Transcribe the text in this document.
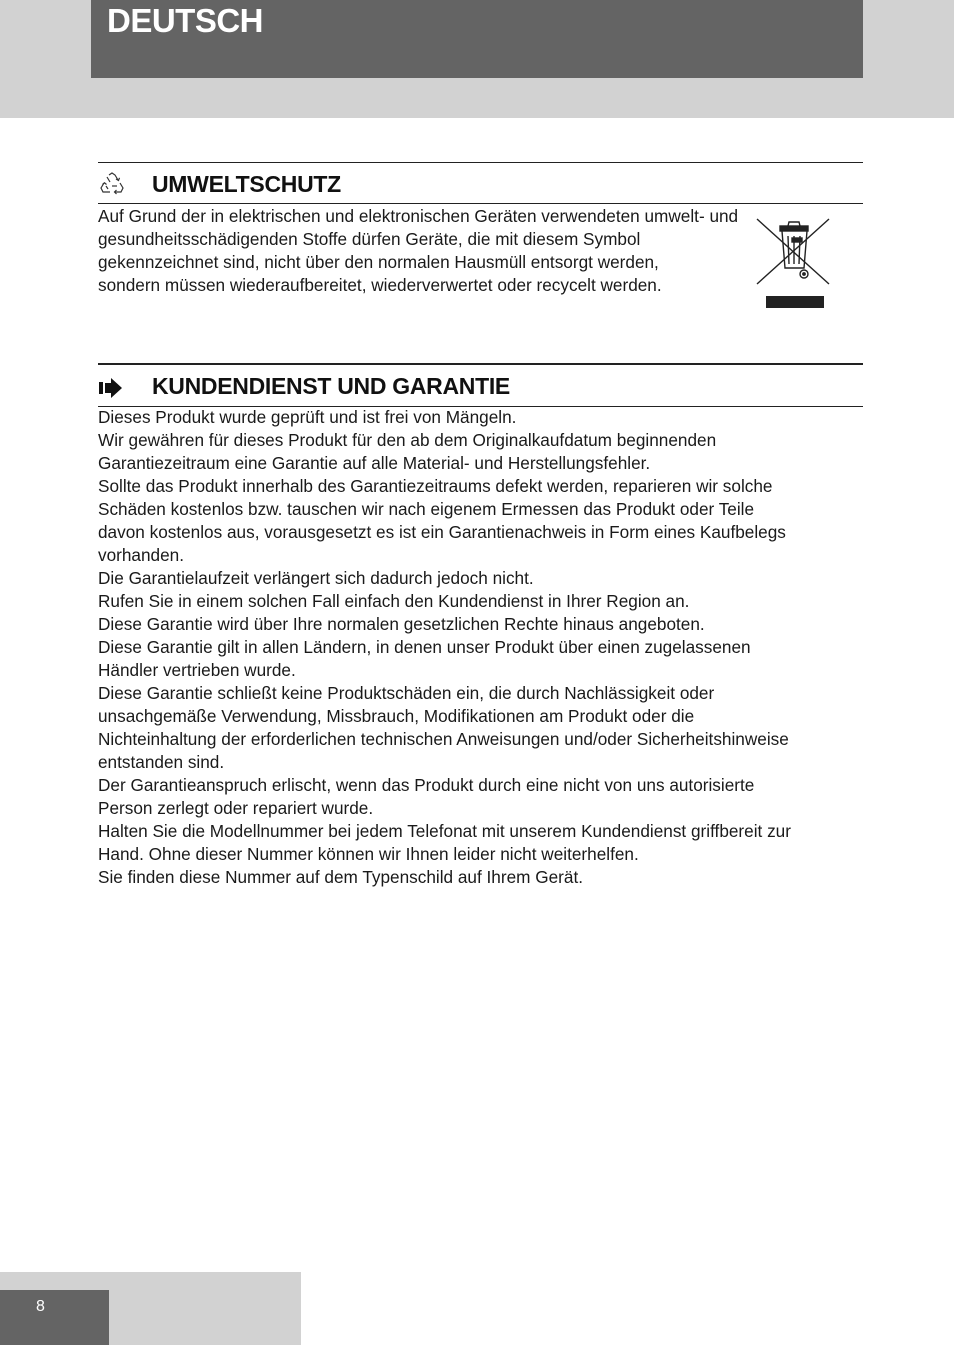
DEUTSCH
UMWELTSCHUTZ

Auf Grund der in elektrischen und elektronischen Geräten verwendeten umwelt- und

gesundheitsschädigenden Stoffe dürfen Geräte, die mit diesem Symbol

gekennzeichnet sind, nicht über den normalen Hausmüll entsorgt werden,

sondern müssen wiederaufbereitet, wiederverwertet oder recycelt werden.

KUNDENDIENST UND GARANTIE

Dieses Produkt wurde geprüft und ist frei von Mängeln.

Wir gewähren für dieses Produkt für den ab dem Originalkaufdatum beginnenden

Garantiezeitraum eine Garantie auf alle Material- und Herstellungsfehler.

Sollte das Produkt innerhalb des Garantiezeitraums defekt werden, reparieren wir solche

Schäden kostenlos bzw. tauschen wir nach eigenem Ermessen das Produkt oder Teile

davon kostenlos aus, vorausgesetzt es ist ein Garantienachweis in Form eines Kaufbelegs

vorhanden.

Die Garantielaufzeit verlängert sich dadurch jedoch nicht.

Rufen Sie in einem solchen Fall einfach den Kundendienst in Ihrer Region an.

Diese Garantie wird über Ihre normalen gesetzlichen Rechte hinaus angeboten.

Diese Garantie gilt in allen Ländern, in denen unser Produkt über einen zugelassenen

Händler vertrieben wurde.

Diese Garantie schließt keine Produktschäden ein, die durch Nachlässigkeit oder

unsachgemäße Verwendung, Missbrauch, Modifikationen am Produkt oder die

Nichteinhaltung der erforderlichen technischen Anweisungen und/oder Sicherheitshinweise

entstanden sind.

Der Garantieanspruch erlischt, wenn das Produkt durch eine nicht von uns autorisierte

Person zerlegt oder repariert wurde.

Halten Sie die Modellnummer bei jedem Telefonat mit unserem Kundendienst griffbereit zur

Hand. Ohne dieser Nummer können wir Ihnen leider nicht weiterhelfen.

Sie finden diese Nummer auf dem Typenschild auf Ihrem Gerät.

8
